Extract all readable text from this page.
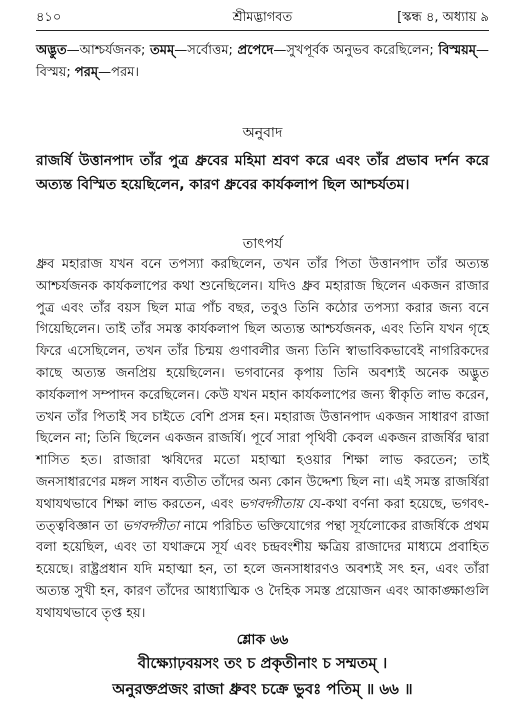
৪১০	শ্রীমদ্ভাগবত	[স্কন্ধ ৪, অধ্যায় ৯
অদ্ভুত—আশ্চর্যজনক; তমম্—সর্বোত্তম; প্রপেদে—সুখপূর্বক অনুভব করেছিলেন; বিস্ময়ম্—বিস্ময়; পরম্—পরম।
অনুবাদ
রাজর্ষি উত্তানপাদ তাঁর পুত্র ধ্রুবের মহিমা শ্রবণ করে এবং তাঁর প্রভাব দর্শন করে অত্যন্ত বিস্মিত হয়েছিলেন, কারণ ধ্রুবের কার্যকলাপ ছিল আশ্চর্যতম।
তাৎপর্য
ধ্রুব মহারাজ যখন বনে তপস্যা করছিলেন, তখন তাঁর পিতা উত্তানপাদ তাঁর অত্যন্ত আশ্চর্যজনক কার্যকলাপের কথা শুনেছিলেন। যদিও ধ্রুব মহারাজ ছিলেন একজন রাজার পুত্র এবং তাঁর বয়স ছিল মাত্র পাঁচ বছর, তবুও তিনি কঠোর তপস্যা করার জন্য বনে গিয়েছিলেন। তাই তাঁর সমস্ত কার্যকলাপ ছিল অত্যন্ত আশ্চর্যজনক, এবং তিনি যখন গৃহে ফিরে এসেছিলেন, তখন তাঁর চিন্ময় গুণাবলীর জন্য তিনি স্বাভাবিকভাবেই নাগরিকদের কাছে অত্যন্ত জনপ্রিয় হয়েছিলেন। ভগবানের কৃপায় তিনি অবশ্যই অনেক অদ্ভুত কার্যকলাপ সম্পাদন করেছিলেন। কেউ যখন মহান কার্যকলাপের জন্য স্বীকৃতি লাভ করেন, তখন তাঁর পিতাই সব চাইতে বেশি প্রসন্ন হন। মহারাজ উত্তানপাদ একজন সাধারণ রাজা ছিলেন না; তিনি ছিলেন একজন রাজর্ষি। পূর্বে সারা পৃথিবী কেবল একজন রাজর্ষির দ্বারা শাসিত হত। রাজারা ঋষিদের মতো মহাত্মা হওয়ার শিক্ষা লাভ করতেন; তাই জনসাধারণের মঙ্গল সাধন ব্যতীত তাঁদের অন্য কোন উদ্দেশ্য ছিল না। এই সমস্ত রাজর্ষিরা যথাযথভাবে শিক্ষা লাভ করতেন, এবং ভগবদ্গীতায় যে-কথা বর্ণনা করা হয়েছে, ভগবৎ-তত্ত্ববিজ্ঞান তা ভগবদ্গীতা নামে পরিচিত ভক্তিযোগের পন্থা সূর্যলোকের রাজর্ষিকে প্রথম বলা হয়েছিল, এবং তা যথাক্রমে সূর্য এবং চন্দ্রবংশীয় ক্ষত্রিয় রাজাদের মাধ্যমে প্রবাহিত হয়েছে। রাষ্ট্রপ্রধান যদি মহাত্মা হন, তা হলে জনসাধারণও অবশ্যই সৎ হন, এবং তাঁরা অত্যন্ত সুখী হন, কারণ তাঁদের আধ্যাত্মিক ও দৈহিক সমস্ত প্রয়োজন এবং আকাঙ্ক্ষাগুলি যথাযথভাবে তৃপ্ত হয়।
শ্লোক ৬৬
বীক্ষ্যোঢ়বয়সং তং চ প্রকৃতীনাং চ সম্মতম্ ।
অনুরক্তপ্রজং রাজা ধ্রুবং চক্রে ভুবঃ পতিম্ ॥ ৬৬ ॥
